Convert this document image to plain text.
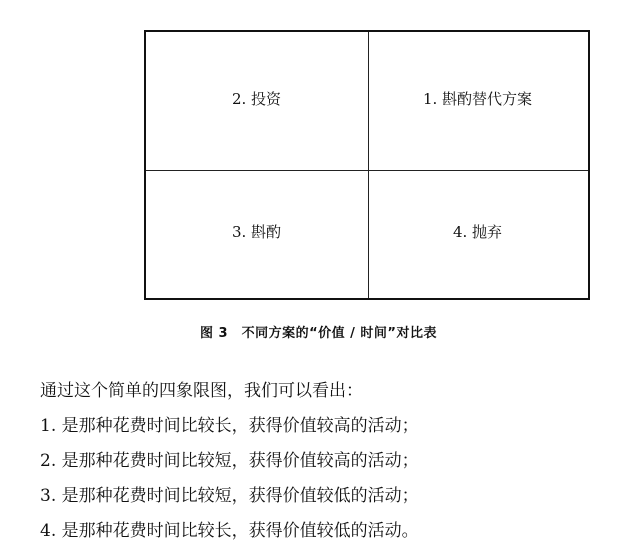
2. 投资	1. 斟酌替代方案
3. 斟酌	4. 抛弃
图 3　不同方案的“价值 / 时间”对比表
通过这个简单的四象限图，我们可以看出：
1. 是那种花费时间比较长，获得价值较高的活动；
2. 是那种花费时间比较短，获得价值较高的活动；
3. 是那种花费时间比较短，获得价值较低的活动；
4. 是那种花费时间比较长，获得价值较低的活动。
